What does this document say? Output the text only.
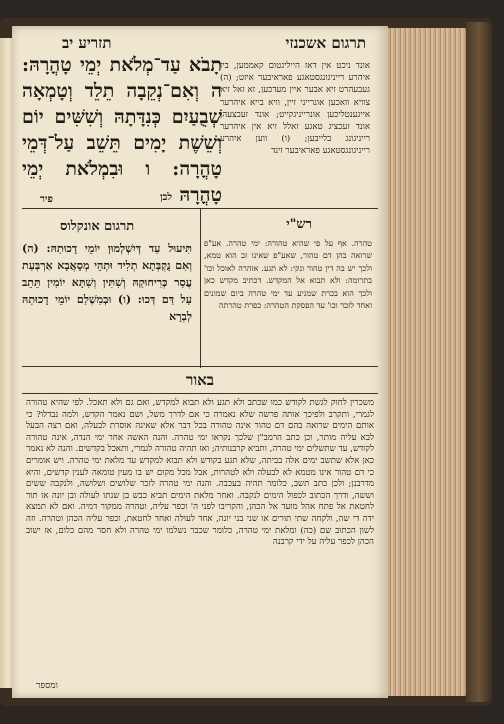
תרגום אשכנזי
תזריע יב
אונד ניכט אין דאז הייליגטום קאממען, ביז איהרע רייניגונגסטאגע פאראיבער איזט; (ה) געבעהרט זיא אבער איין מעדכען, זא זאל זיא צוויא וואכען אונרייני זיין, וויא בייא איהרער אייגענטליכען אונרייניגקייט; אונד זעכצעהן אונד זעכציג טאגע זאלל זיא אין איהרער רייניגונג בלייבען; (ו) ווען איהרע רייניגונגסטאגע פאראיבער זינד
תָבֹא עַד־מְלֹאת יְמֵי טָהֳרָהּ: ה וְאִם־נְקֵבָה תֵלֵד וְטָמְאָה שְׁבֻעַיִם כְּנִדָּתָהּ וְשִׁשִּׁים יוֹם וְשֵׁשֶׁת יָמִים תֵּשֵׁב עַל־דְּמֵי טָהֳרָה: ו וּבִמְלֹאת יְמֵי טָהֳרָהּ
פיר	לבן
רש"י
תרגום אונקלוס
טהרה. אף על פי שהיא טהורה: ימי טהרה. אע"פ שרואה בהן דם טהור, שאע"פ שאינו זב הוא טמא, ולכך יש בה דין טהור ונקי: לא תגע. אזהרה לאוכל וכו' בתרומה: ולא תבוא אל המקדש. דכתיב מקדש כאן ולכך הוא בכרת שמגיע עד ימי טהרה ביום שמונים ואחד לזכר וכו' עד הפסקת הטהרה: כפרת טהרתה
תִּיעוּל עַד דְּיִשְׁלְמוּן יוֹמֵי דָכוּתַהּ: (ה) וְאִם נֻקְבְּתָא תְלִיד וּתְהֵי מְסָאֲבָא אַרְבְּעַת עֲסַר כְּרִיחוּקַהּ וְשִׁתִּין וְשִׁתָּא יוֹמִין תֵּתֵב עַל דַּם דְּכוּ: (ו) וּבְמִשְׁלַם יוֹמֵי דָכוּתַהּ לְבְרָא
באור
משכרין לחוק לגשת לקודש כמו שכתב ולא תגע ולא תבוא למקדש, ואם גם ולא תאכל. לפי שהיא טהורה לגמרי, ותקרב ולפיכך אותה פרשה שלא נאמרה כי אם לדרך משל, ושם נאמר הקדש, ולמה נבדלו? כי אותם הימים שרואה בהם דם טהור אינה טהורה בכל דבר אלא שאינה אוסרת לבעלה, ואם רצה הבעל לבא עליה מותר, וכן כתב הרמב"ן שלכך נקראו ימי טהרה. והנה האשה אחר ימי הנדה, אינה טהורה לקודש, עד שתשלים ימי טהרה, ותביא קרבנותיה; ואז תהיה טהורה לגמרי, ותאכל בקדשים. והנה לא נאמר כאן אלא שתשב ימים אלה בביתה, שלא תגע בקודש ולא תבוא למקדש עד מלאת ימי טהרה. ויש אומרים כי דם טהור אינו מטמא לא לבעלה ולא לטהרות, אבל מכל מקום יש בו מעין טומאה לענין קדשים, והיא מדרבנן; ולכן כתב תשב, כלומר תהיה בעכבה. והנה ימי טהרה לזכר שלושים ושלושה, ולנקבה ששים וששה, ודרך הכתוב לכפול הימים לנקבה. ואחר מלאת הימים תביא כבש בן שנתו לעולה ובן יונה או תור לחטאת אל פתח אהל מועד אל הכהן, והקריבו לפני ה' וכפר עליה, וטהרה ממקור דמיה. ואם לא תמצא ידה די שה, ולקחה שתי תורים או שני בני יונה, אחד לעולה ואחד לחטאת, וכפר עליה הכהן וטהרה. וזה לשון הכתוב שם (כה) ומלאת ימי טהרה, כלומר שכבר נשלמו ימי טהרה ולא חסר מהם כלום, אז ישוב הכהן לכפר עליה על ידי קרבנה
ומספר
